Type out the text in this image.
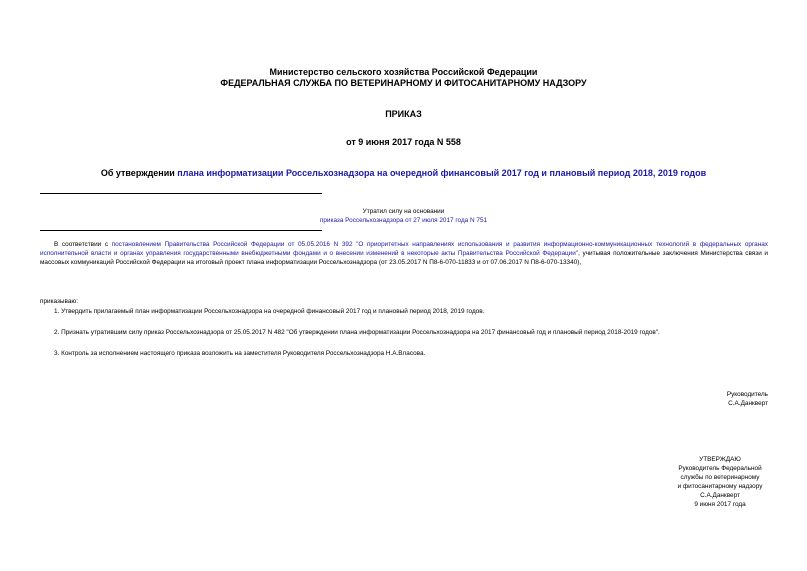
Министерство сельского хозяйства Российской Федерации
ФЕДЕРАЛЬНАЯ СЛУЖБА ПО ВЕТЕРИНАРНОМУ И ФИТОСАНИТАРНОМУ НАДЗОРУ
ПРИКАЗ
от 9 июня 2017 года N 558
Об утверждении плана информатизации Россельхознадзора на очередной финансовый 2017 год и плановый период 2018, 2019 годов
Утратил силу на основании
приказа Россельхознадзора от 27 июля 2017 года N 751
В соответствии с постановлением Правительства Российской Федерации от 05.05.2016 N 392 "О приоритетных направлениях использования и развития информационно-коммуникационных технологий в федеральных органах исполнительной власти и органах управления государственными внебюджетными фондами и о внесении изменений в некоторые акты Правительства Российской Федерации", учитывая положительные заключения Министерства связи и массовых коммуникаций Российской Федерации на итоговый проект плана информатизации Россельхознадзора (от 23.05.2017 N П8-6-070-11833 и от 07.06.2017 N П8-6-070-13340),
приказываю:
1. Утвердить прилагаемый план информатизации Россельхознадзора на очередной финансовый 2017 год и плановый период 2018, 2019 годов.
2. Признать утратившим силу приказ Россельхознадзора от 25.05.2017 N 482 "Об утверждении плана информатизации Россельхознадзора на 2017 финансовый год и плановый период 2018-2019 годов".
3. Контроль за исполнением настоящего приказа возложить на заместителя Руководителя Россельхознадзора Н.А.Власова.
Руководитель
С.А.Данкверт
УТВЕРЖДАЮ
Руководитель Федеральной
службы по ветеринарному
и фитосанитарному надзору
С.А.Данкверт
9 июня 2017 года
